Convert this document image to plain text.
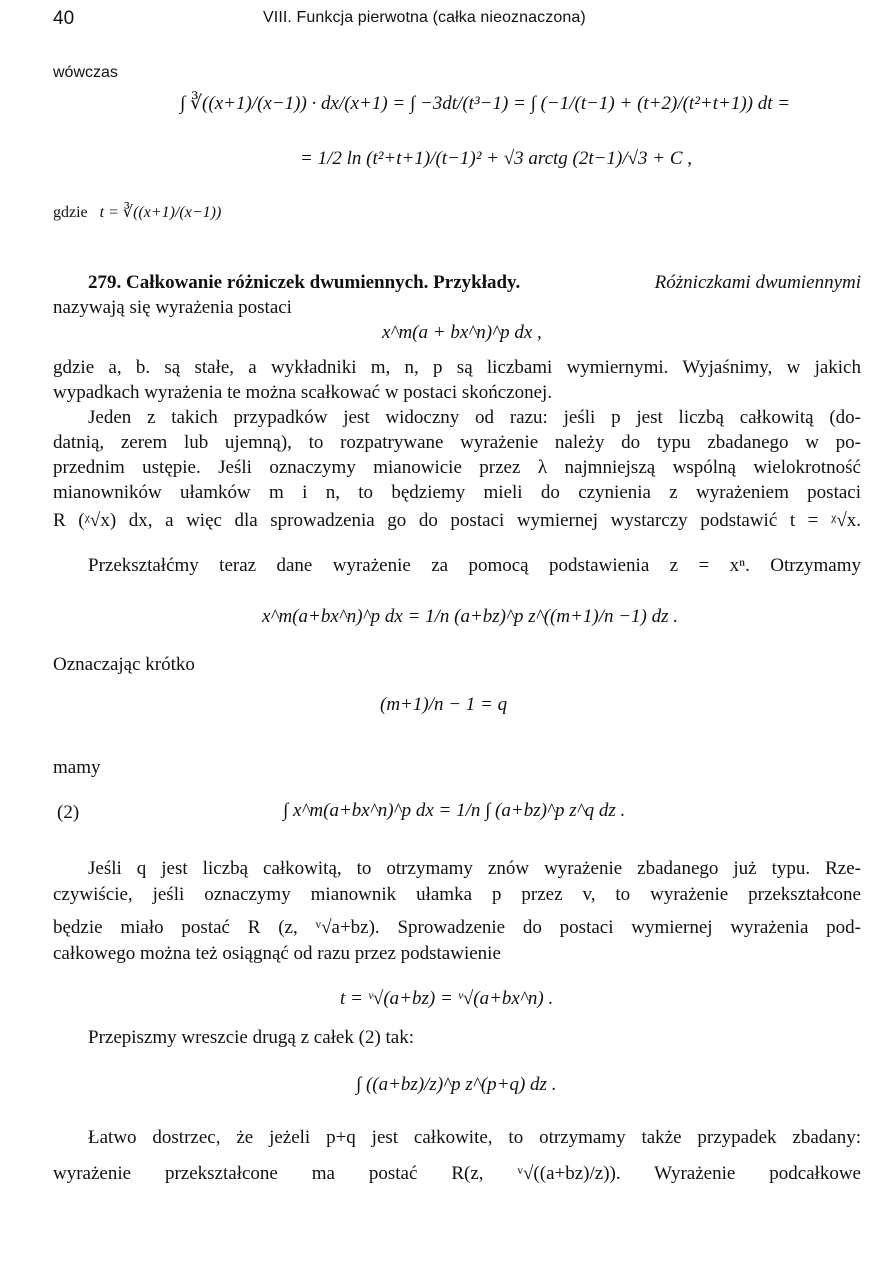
40	VIII. Funkcja pierwotna (całka nieoznaczona)
wówczas
∫ ∛((x+1)/(x−1)) · dx/(x+1) = ∫ −3dt/(t³−1) = ∫ (−1/(t−1) + (t+2)/(t²+t+1)) dt =
= 1/2 ln (t²+t+1)/(t−1)² + √3 arctg (2t−1)/√3 + C ,
gdzie t = ∛((x+1)/(x−1))
279. Całkowanie różniczek dwumiennych. Przykłady.	Różniczkami dwumiennymi
nazywają się wyrażenia postaci
x^m(a + bx^n)^p dx ,
gdzie a, b. są stałe, a wykładniki m, n, p są liczbami wymiernymi. Wyjaśnimy, w jakich
wypadkach wyrażenia te można scałkować w postaci skończonej.
Jeden z takich przypadków jest widoczny od razu: jeśli p jest liczbą całkowitą (do-
datnią, zerem lub ujemną), to rozpatrywane wyrażenie należy do typu zbadanego w po-
przednim ustępie. Jeśli oznaczymy mianowicie przez λ najmniejszą wspólną wielokrotność
mianowników ułamków m i n, to będziemy mieli do czynienia z wyrażeniem postaci
R (ᵡ√x) dx, a więc dla sprowadzenia go do postaci wymiernej wystarczy podstawić t = ᵡ√x.
Przekształćmy teraz dane wyrażenie za pomocą podstawienia z = xⁿ. Otrzymamy
x^m(a+bx^n)^p dx = 1/n (a+bz)^p z^((m+1)/n −1) dz .
Oznaczając krótko
(m+1)/n − 1 = q
mamy
(2)	∫ x^m(a+bx^n)^p dx = 1/n ∫ (a+bz)^p z^q dz .
Jeśli q jest liczbą całkowitą, to otrzymamy znów wyrażenie zbadanego już typu. Rze-
czywiście, jeśli oznaczymy mianownik ułamka p przez v, to wyrażenie przekształcone
będzie miało postać R (z, ᵛ√a+bz). Sprowadzenie do postaci wymiernej wyrażenia pod-
całkowego można też osiągnąć od razu przez podstawienie
t = ᵛ√(a+bz) = ᵛ√(a+bx^n) .
Przepiszmy wreszcie drugą z całek (2) tak:
∫ ((a+bz)/z)^p z^(p+q) dz .
Łatwo dostrzec, że jeżeli p+q jest całkowite, to otrzymamy także przypadek zbadany:
wyrażenie przekształcone ma postać R(z, ᵛ√((a+bz)/z)). Wyrażenie podcałkowe
